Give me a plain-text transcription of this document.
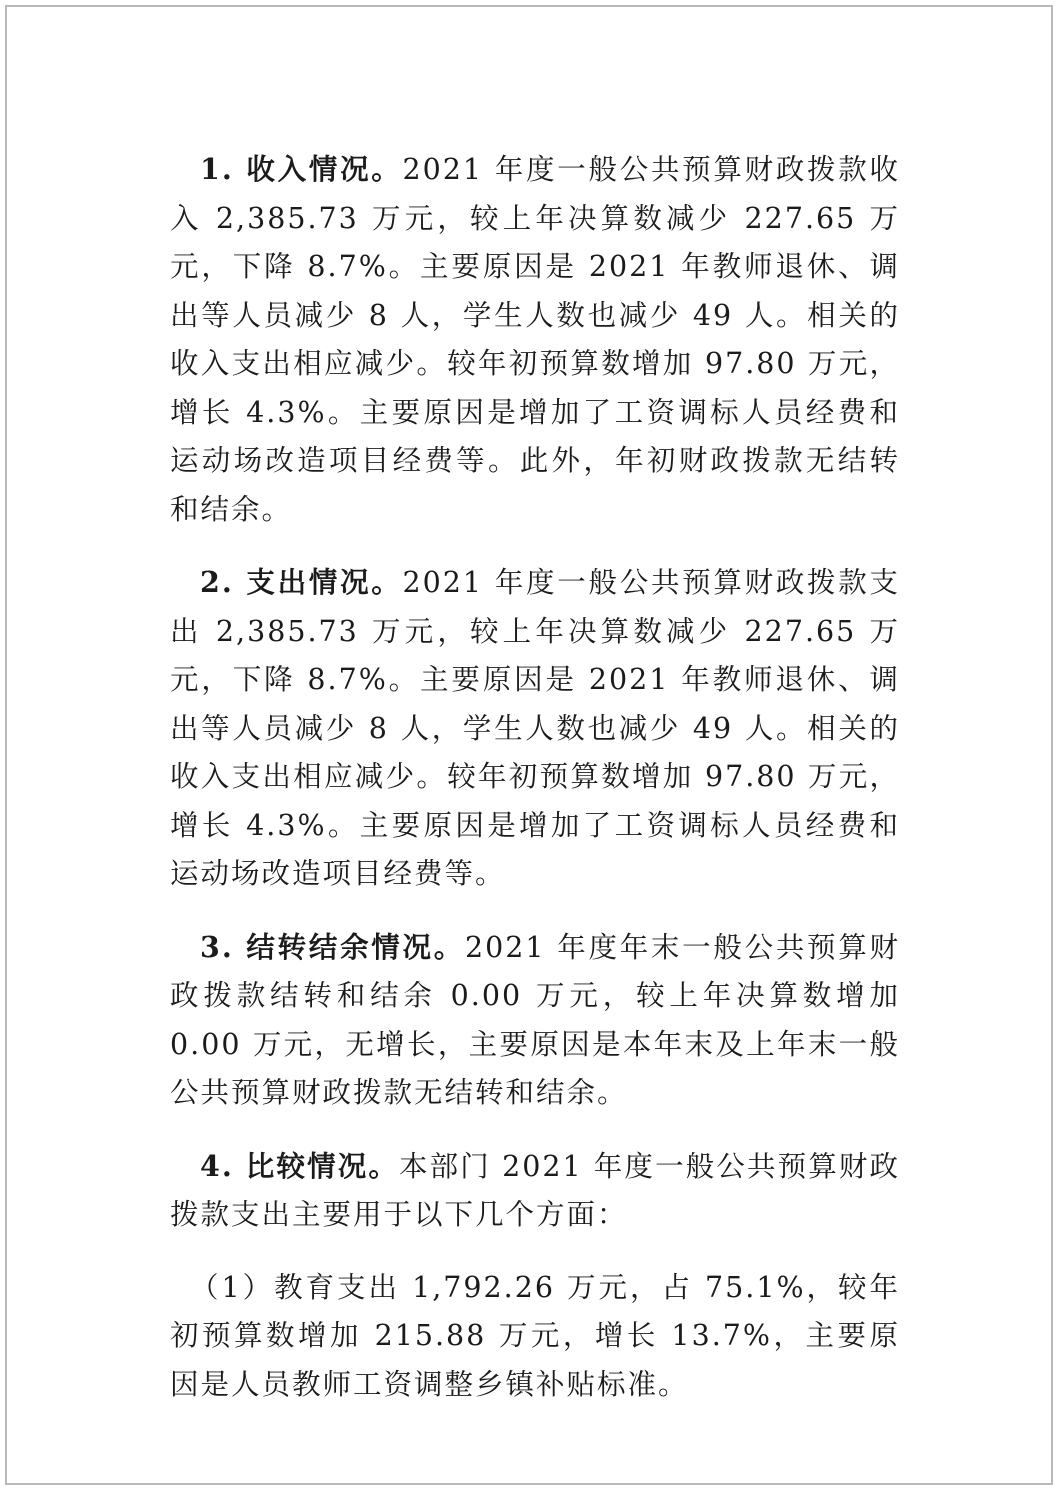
1. 收入情况。2021 年度一般公共预算财政拨款收入 2,385.73 万元，较上年决算数减少 227.65 万元，下降 8.7%。主要原因是 2021 年教师退休、调出等人员减少 8 人，学生人数也减少 49 人。相关的收入支出相应减少。较年初预算数增加 97.80 万元，增长 4.3%。主要原因是增加了工资调标人员经费和运动场改造项目经费等。此外，年初财政拨款无结转和结余。

2. 支出情况。2021 年度一般公共预算财政拨款支出 2,385.73 万元，较上年决算数减少 227.65 万元，下降 8.7%。主要原因是 2021 年教师退休、调出等人员减少 8 人，学生人数也减少 49 人。相关的收入支出相应减少。较年初预算数增加 97.80 万元，增长 4.3%。主要原因是增加了工资调标人员经费和运动场改造项目经费等。

3. 结转结余情况。2021 年度年末一般公共预算财政拨款结转和结余 0.00 万元，较上年决算数增加 0.00 万元，无增长，主要原因是本年末及上年末一般公共预算财政拨款无结转和结余。

4. 比较情况。本部门 2021 年度一般公共预算财政拨款支出主要用于以下几个方面：

（1）教育支出 1,792.26 万元，占 75.1%，较年初预算数增加 215.88 万元，增长 13.7%，主要原因是人员教师工资调整乡镇补贴标准。
